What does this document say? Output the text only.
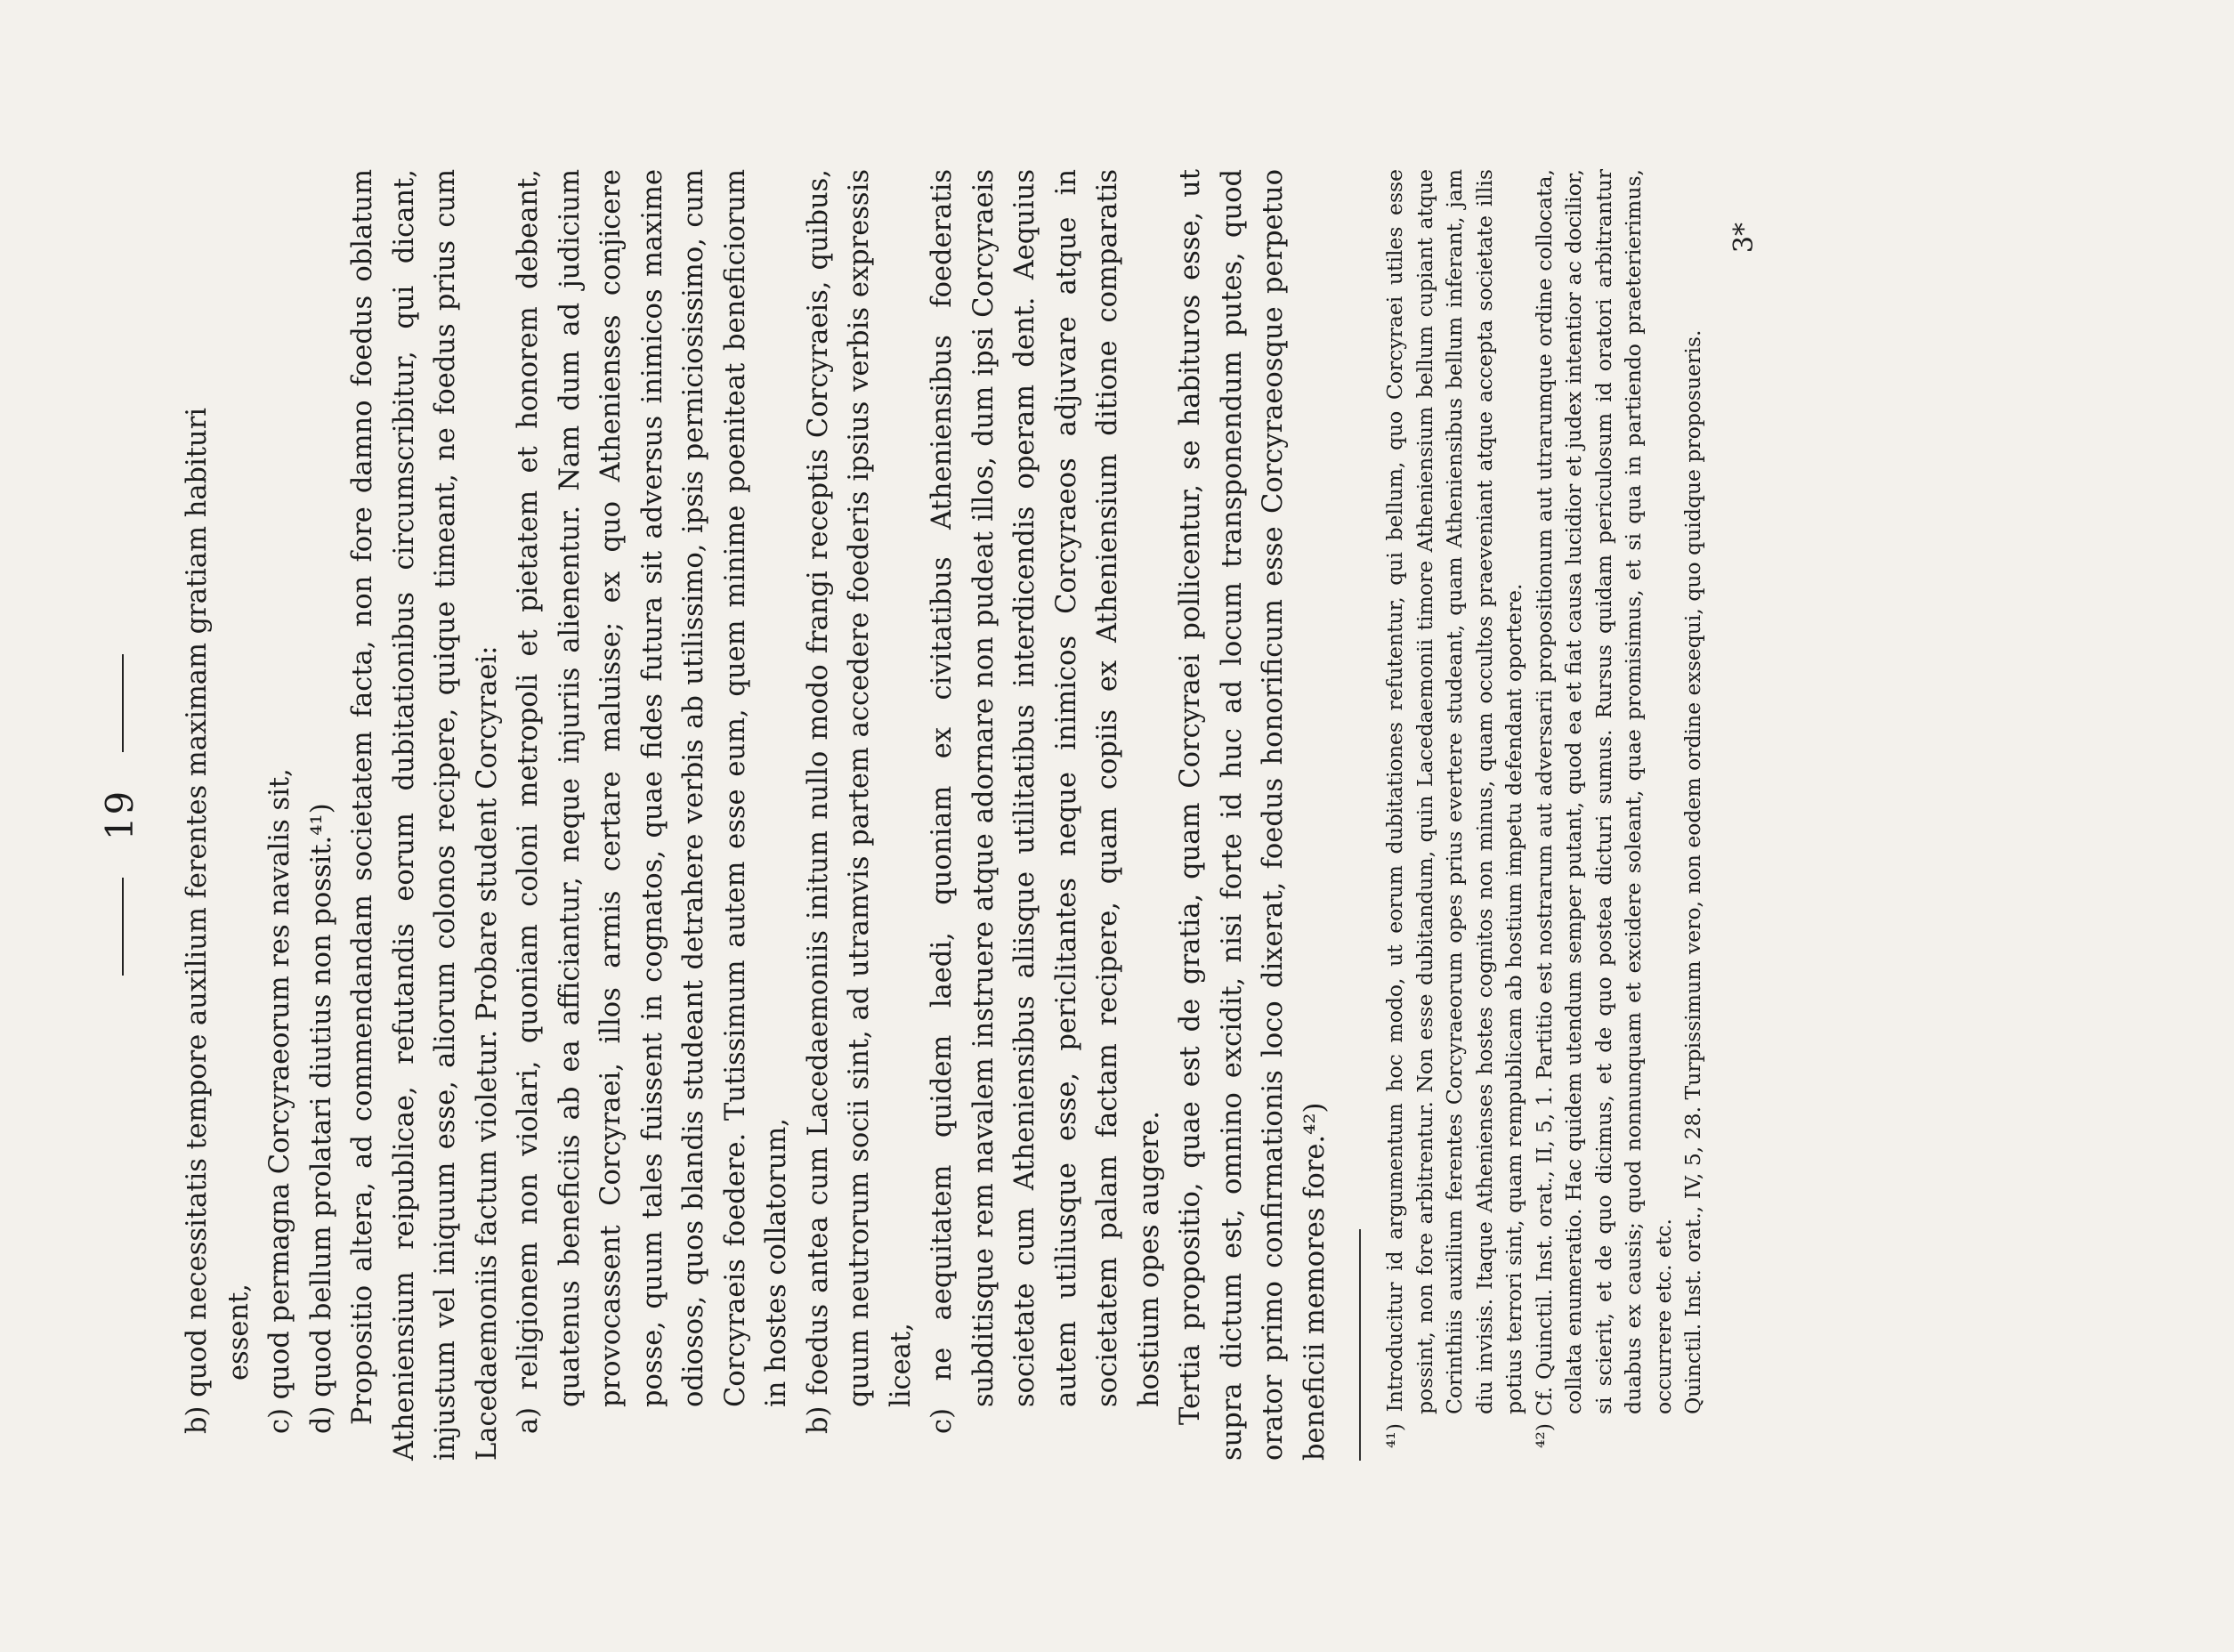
19 b) quod necessitatis tempore auxilium ferentes maximam gratiam habituri essent, c) quod permagna Corcyraeorum res navalis sit, d) quod bellum prolatari diutius non possit.⁴¹) Propositio altera, ad commendandam societatem facta, non fore damno foedus oblatum Atheniensium reipublicae, refutandis eorum dubitationibus circumscribitur, qui dicant, injustum vel iniquum esse, aliorum colonos recipere, quique timeant, ne foedus prius cum Lacedaemoniis factum violetur. Probare student Corcyraei: a) religionem non violari, quoniam coloni metropoli et pietatem et honorem debeant, quatenus beneficiis ab ea afficiantur, neque injuriis alienentur. Nam dum ad judicium provocassent Corcyraei, illos armis certare maluisse; ex quo Athenienses conjicere posse, quum tales fuissent in cognatos, quae fides futura sit adversus inimicos maxime odiosos, quos blandis studeant detrahere verbis ab utilissimo, ipsis perniciosissimo, cum Corcyraeis foedere. Tutissimum autem esse eum, quem minime poeniteat beneficiorum in hostes collatorum, b) foedus antea cum Lacedaemoniis initum nullo modo frangi receptis Corcyraeis, quibus, quum neutrorum socii sint, ad utramvis partem accedere foederis ipsius verbis expressis liceat, c) ne aequitatem quidem laedi, quoniam ex civitatibus Atheniensibus foederatis subditisque rem navalem instruere atque adornare non pudeat illos, dum ipsi Corcyraeis societate cum Atheniensibus aliisque utilitatibus interdicendis operam dent. Aequius autem utiliusque esse, periclitantes neque inimicos Corcyraeos adjuvare atque in societatem palam factam recipere, quam copiis ex Atheniensium ditione comparatis hostium opes augere. Tertia propositio, quae est de gratia, quam Corcyraei pollicentur, se habituros esse, ut supra dictum est, omnino excidit, nisi forte id huc ad locum transponendum putes, quod orator primo confirmationis loco dixerat, foedus honorificum esse Corcyraeosque perpetuo beneficii memores fore.⁴²) ⁴¹) Introducitur id argumentum hoc modo, ut eorum dubitationes refutentur, qui bellum, quo Corcyraei utiles esse possint, non fore arbitrentur. Non esse dubitandum, quin Lacedaemonii timore Atheniensium bellum cupiant atque Corinthiis auxilium ferentes Corcyraeorum opes prius evertere studeant, quam Atheniensibus bellum inferant, jam diu invisis. Itaque Athenienses hostes cognitos non minus, quam occultos praeveniant atque accepta societate illis potius terrori sint, quam rempublicam ab hostium impetu defendant oportere. ⁴²) Cf. Quinctil. Inst. orat., II, 5, 1. Partitio est nostrarum aut adversarii propositionum aut utrarumque ordine collocata, collata enumeratio. Hac quidem utendum semper putant, quod ea et fiat causa lucidior et judex intentior ac docilior, si scierit, et de quo dicimus, et de quo postea dicturi sumus. Rursus quidam periculosum id oratori arbitrantur duabus ex causis; quod nonnunquam et excidere soleant, quae promisimus, et si qua in partiendo praeterierimus, occurrere etc. etc. Quinctil. Inst. orat., IV, 5, 28. Turpissimum vero, non eodem ordine exsequi, quo quidque proposueris.

3*
